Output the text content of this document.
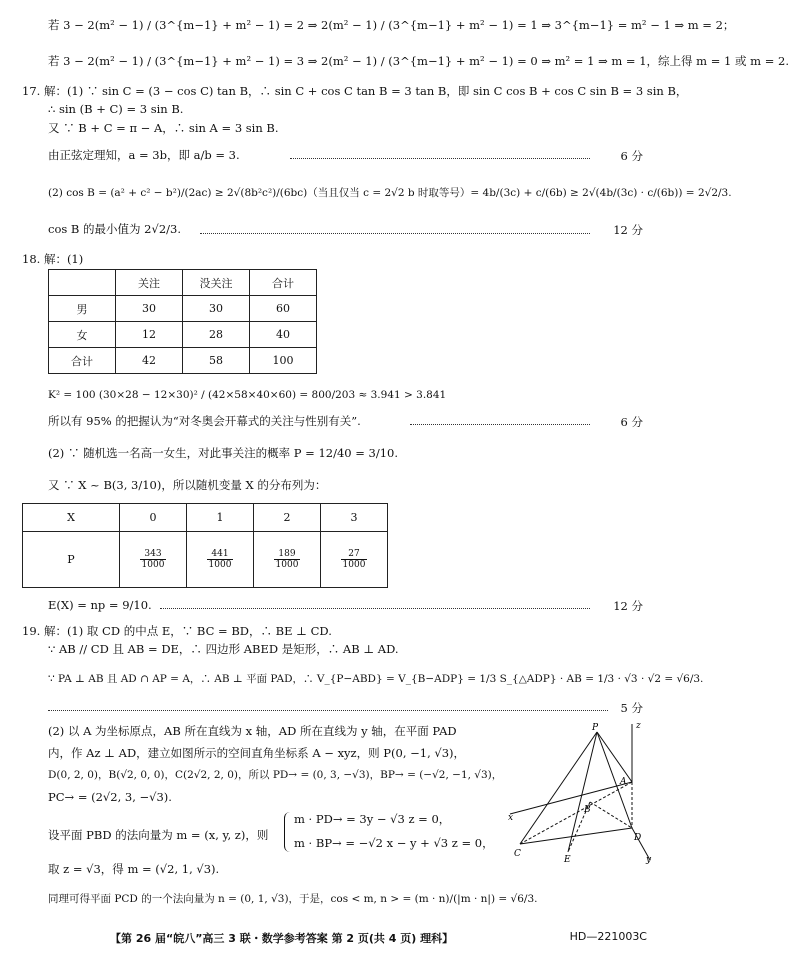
若 3 − 2(m² − 1) / (3^{m−1} + m² − 1) = 2 ⇒ 2(m² − 1) / (3^{m−1} + m² − 1) = 1 ⇒ 3^{m−1} = m² − 1 ⇒ m = 2；
若 3 − 2(m² − 1) / (3^{m−1} + m² − 1) = 3 ⇒ 2(m² − 1) / (3^{m−1} + m² − 1) = 0 ⇒ m² = 1 ⇒ m = 1，综上得 m = 1 或 m = 2.
17. 解：(1) ∵ sin C = (3 − cos C) tan B，∴ sin C + cos C tan B = 3 tan B，即 sin C cos B + cos C sin B = 3 sin B，
∴ sin (B + C) = 3 sin B.
又 ∵ B + C = π − A，∴ sin A = 3 sin B.
由正弦定理知，a = 3b，即 a/b = 3.	6 分
(2) cos B = (a² + c² − b²)/(2ac) ≥ 2√(8b²c²)/(6bc)（当且仅当 c = 2√2 b 时取等号）= 4b/(3c) + c/(6b) ≥ 2√(4b/(3c) · c/(6b)) = 2√2/3.
cos B 的最小值为 2√2/3.	12 分
18. 解：(1)
	关注	没关注	合计
男	30	30	60
女	12	28	40
合计	42	58	100
K² = 100 (30×28 − 12×30)² / (42×58×40×60) = 800/203 ≈ 3.941 > 3.841
所以有 95% 的把握认为“对冬奥会开幕式的关注与性别有关”.	6 分
(2) ∵ 随机选一名高一女生，对此事关注的概率 P = 12/40 = 3/10.
又 ∵ X ~ B(3, 3/10)，所以随机变量 X 的分布列为：
X	0	1	2	3
P	$\frac{343}{1000}$	$\frac{441}{1000}$	$\frac{189}{1000}$	$\frac{27}{1000}$
E(X) = np = 9/10.	12 分
19. 解：(1) 取 CD 的中点 E，∵ BC = BD，∴ BE ⊥ CD.
∵ AB // CD 且 AB = DE，∴ 四边形 ABED 是矩形，∴ AB ⊥ AD.
∵ PA ⊥ AB 且 AD ∩ AP = A，∴ AB ⊥ 平面 PAD，∴ V_{P−ABD} = V_{B−ADP} = 1/3 S_{△ADP} · AB = 1/3 · √3 · √2 = √6/3.
5 分
(2) 以 A 为坐标原点，AB 所在直线为 x 轴，AD 所在直线为 y 轴，在平面 PAD
内，作 Az ⊥ AD，建立如图所示的空间直角坐标系 A − xyz，则 P(0, −1, √3)，
D(0, 2, 0)，B(√2, 0, 0)，C(2√2, 2, 0)，所以 PD→ = (0, 3, −√3)，BP→ = (−√2, −1, √3)，
PC→ = (2√2, 3, −√3).
设平面 PBD 的法向量为 m = (x, y, z)，则
m · PD→ = 3y − √3 z = 0，
m · BP→ = −√2 x − y + √3 z = 0，
取 z = √3，得 m = (√2, 1, √3).
同理可得平面 PCD 的一个法向量为 n = (0, 1, √3)，于是，cos < m, n > = (m · n)/(|m · n|) = √6/3.
P	z
A
B
x
C
E
D
y
【第 26 届“皖八”高三 3 联・数学参考答案 第 2 页(共 4 页) 理科】	HD—221003C
